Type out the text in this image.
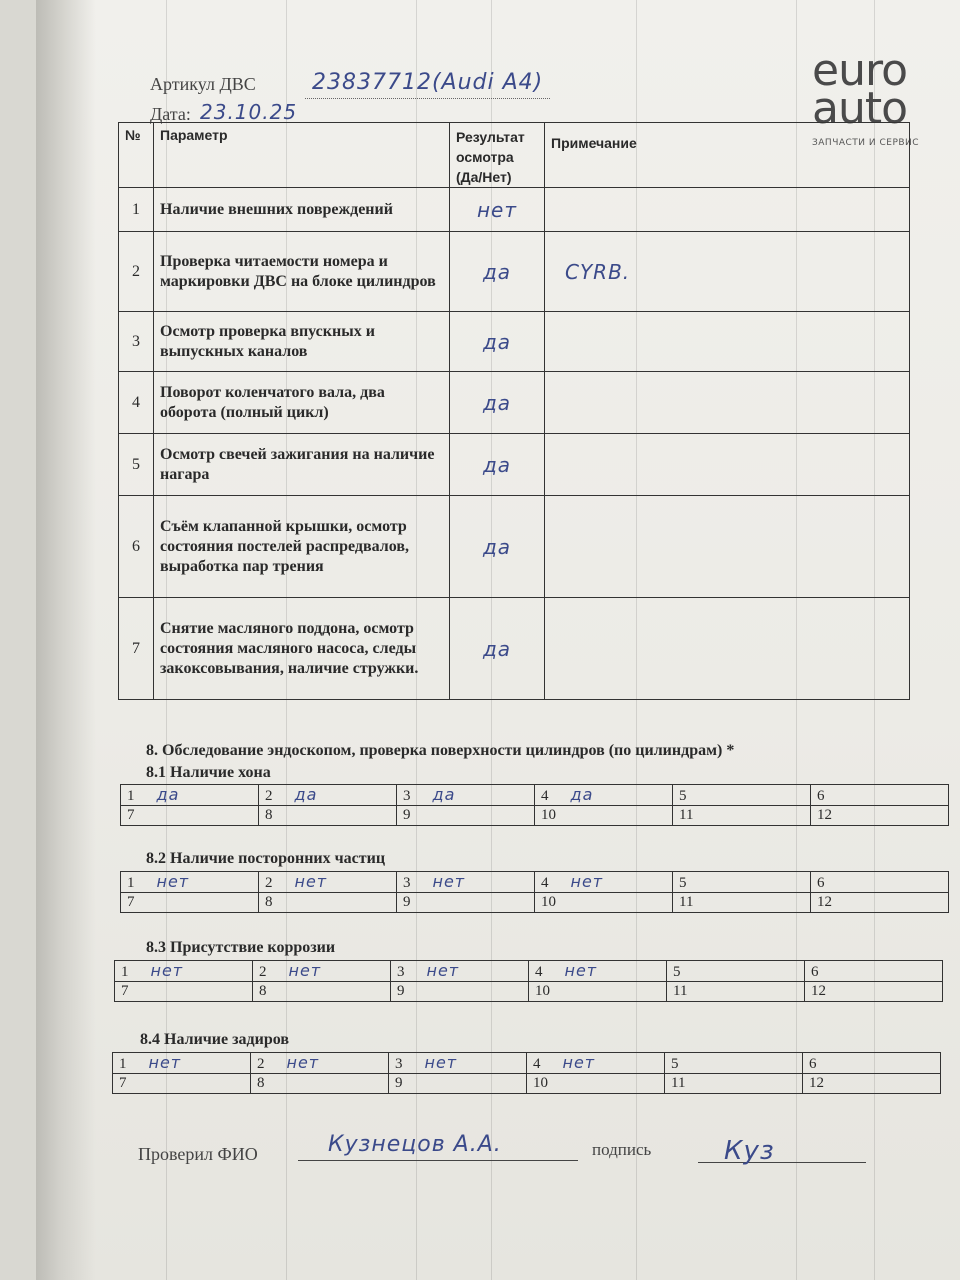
Артикул ДВС	23837712(Audi A4)
Дата: 23.10.25
euro
auto
ЗАПЧАСТИ И СЕРВИС
№	Параметр	Результат осмотра (Да/Нет)	Примечание
1	Наличие внешних повреждений	нет	
2	Проверка читаемости номера и маркировки ДВС на блоке цилиндров	да	CYRB.
3	Осмотр проверка впускных и выпускных каналов	да	
4	Поворот коленчатого вала, два оборота (полный цикл)	да	
5	Осмотр свечей зажигания на наличие нагара	да	
6	Съём клапанной крышки, осмотр состояния постелей распредвалов, выработка пар трения	да	
7	Снятие масляного поддона, осмотр состояния масляного насоса, следы закоксовывания, наличие стружки.	да	
8. Обследование эндоскопом, проверка поверхности цилиндров (по цилиндрам) *
8.1 Наличие хона
1 да	2 да	3 да	4 да	5	6
7	8	9	10	11	12
8.2 Наличие посторонних частиц
1 нет	2 нет	3 нет	4 нет	5	6
7	8	9	10	11	12
8.3 Присутствие коррозии
1 нет	2 нет	3 нет	4 нет	5	6
7	8	9	10	11	12
8.4 Наличие задиров
1 нет	2 нет	3 нет	4 нет	5	6
7	8	9	10	11	12
Проверил ФИО	Кузнецов А.А.	подпись	Куз
